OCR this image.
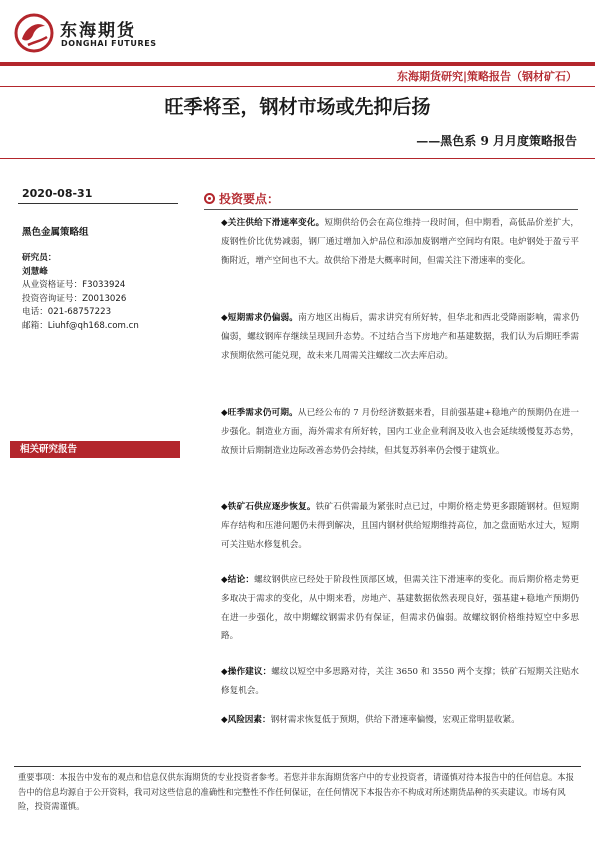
东海期货
DONGHAI FUTURES
东海期货研究|策略报告（钢材矿石）
旺季将至，钢材市场或先抑后扬
——黑色系 9 月月度策略报告
2020-08-31
黑色金属策略组
研究员：
刘慧峰
从业资格证号：F3033924
投资咨询证号：Z0013026
电话：021-68757223
邮箱：Liuhf@qh168.com.cn
相关研究报告
投资要点：
◆关注供给下滑速率变化。短期供给仍会在高位维持一段时间，但中期看，高低品价差扩大，废钢性价比优势减弱，钢厂通过增加入炉品位和添加废钢增产空间均有限。电炉钢处于盈亏平衡附近，增产空间也不大。故供给下滑是大概率时间，但需关注下滑速率的变化。
◆短期需求仍偏弱。南方地区出梅后，需求讲究有所好转，但华北和西北受降雨影响，需求仍偏弱，螺纹钢库存继续呈现回升态势。不过结合当下房地产和基建数据，我们认为后期旺季需求预期依然可能兑现，故未来几周需关注螺纹二次去库启动。
◆旺季需求仍可期。从已经公布的 7 月份经济数据来看，目前强基建+稳地产的预期仍在进一步强化。制造业方面，海外需求有所好转，国内工业企业利润及收入也会延续缓慢复苏态势，故预计后期制造业边际改善态势仍会持续，但其复苏斜率仍会慢于建筑业。
◆铁矿石供应逐步恢复。铁矿石供需最为紧张时点已过，中期价格走势更多跟随钢材。但短期库存结构和压港问题仍未得到解决，且国内钢材供给短期维持高位，加之盘面贴水过大，短期可关注贴水修复机会。
◆结论：螺纹钢供应已经处于阶段性顶部区域，但需关注下滑速率的变化。而后期价格走势更多取决于需求的变化，从中期来看，房地产、基建数据依然表现良好，强基建+稳地产预期仍在进一步强化，故中期螺纹钢需求仍有保证，但需求仍偏弱。故螺纹钢价格维持短空中多思路。
◆操作建议：螺纹以短空中多思路对待，关注 3650 和 3550 两个支撑；铁矿石短期关注贴水修复机会。
◆风险因素：钢材需求恢复低于预期，供给下滑速率偏慢，宏观正常明显收紧。
重要事项：本报告中发布的观点和信息仅供东海期货的专业投资者参考。若您并非东海期货客户中的专业投资者，请谨慎对待本报告中的任何信息。本报告中的信息均源自于公开资料，我司对这些信息的准确性和完整性不作任何保证，在任何情况下本报告亦不构成对所述期货品种的买卖建议。市场有风险，投资需谨慎。
